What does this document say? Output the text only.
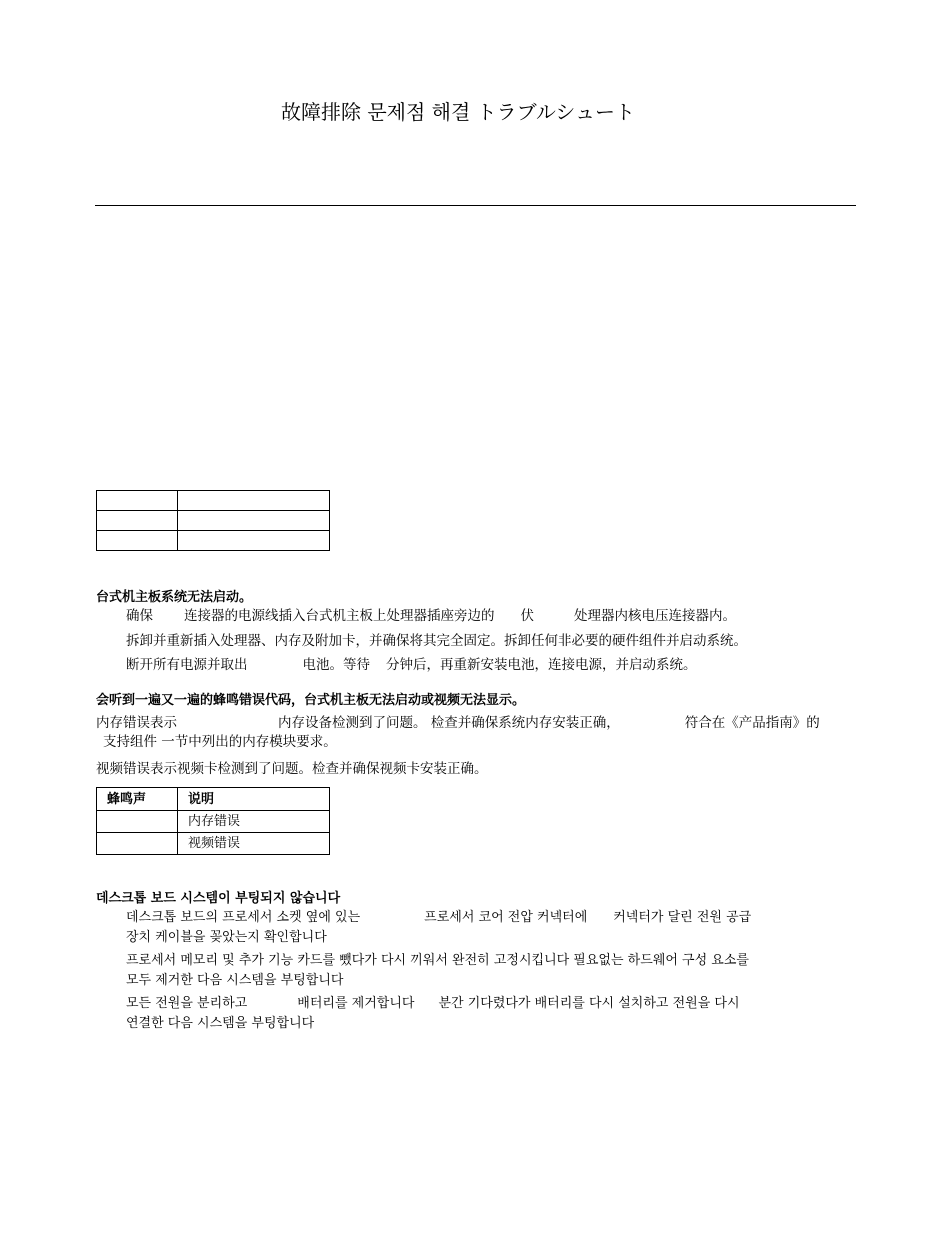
故障排除 문제점 해결 トラブルシュート

台式机主板系统无法启动。
确保 连接器的电源线插入台式机主板上处理器插座旁边的 伏	处理器内核电压连接器内。
拆卸并重新插入处理器、内存及附加卡，并确保将其完全固定。拆卸任何非必要的硬件组件并启动系统。
断开所有电源并取出	电池。等待 分钟后，再重新安装电池，连接电源，并启动系统。
会听到一遍又一遍的蜂鸣错误代码，台式机主板无法启动或视频无法显示。
内存错误表示	内存设备检测到了问题。 检查并确保系统内存安装正确，	符合在《产品指南》的
支持组件 一节中列出的内存模块要求。
视频错误表示视频卡检测到了问题。检查并确保视频卡安装正确。
蜂鸣声	说明
	内存错误
	视频错误
데스크톱 보드 시스템이 부팅되지 않습니다
데스크톱 보드의 프로세서 소켓 옆에 있는	프로세서 코어 전압 커넥터에 커넥터가 달린 전원 공급
장치 케이블을 꽂았는지 확인합니다
프로세서 메모리 및 추가 기능 카드를 뺐다가 다시 끼워서 완전히 고정시킵니다 필요없는 하드웨어 구성 요소를
모두 제거한 다음 시스템을 부팅합니다
모든 전원을 분리하고	배터리를 제거합니다 분간 기다렸다가 배터리를 다시 설치하고 전원을 다시
연결한 다음 시스템을 부팅합니다
